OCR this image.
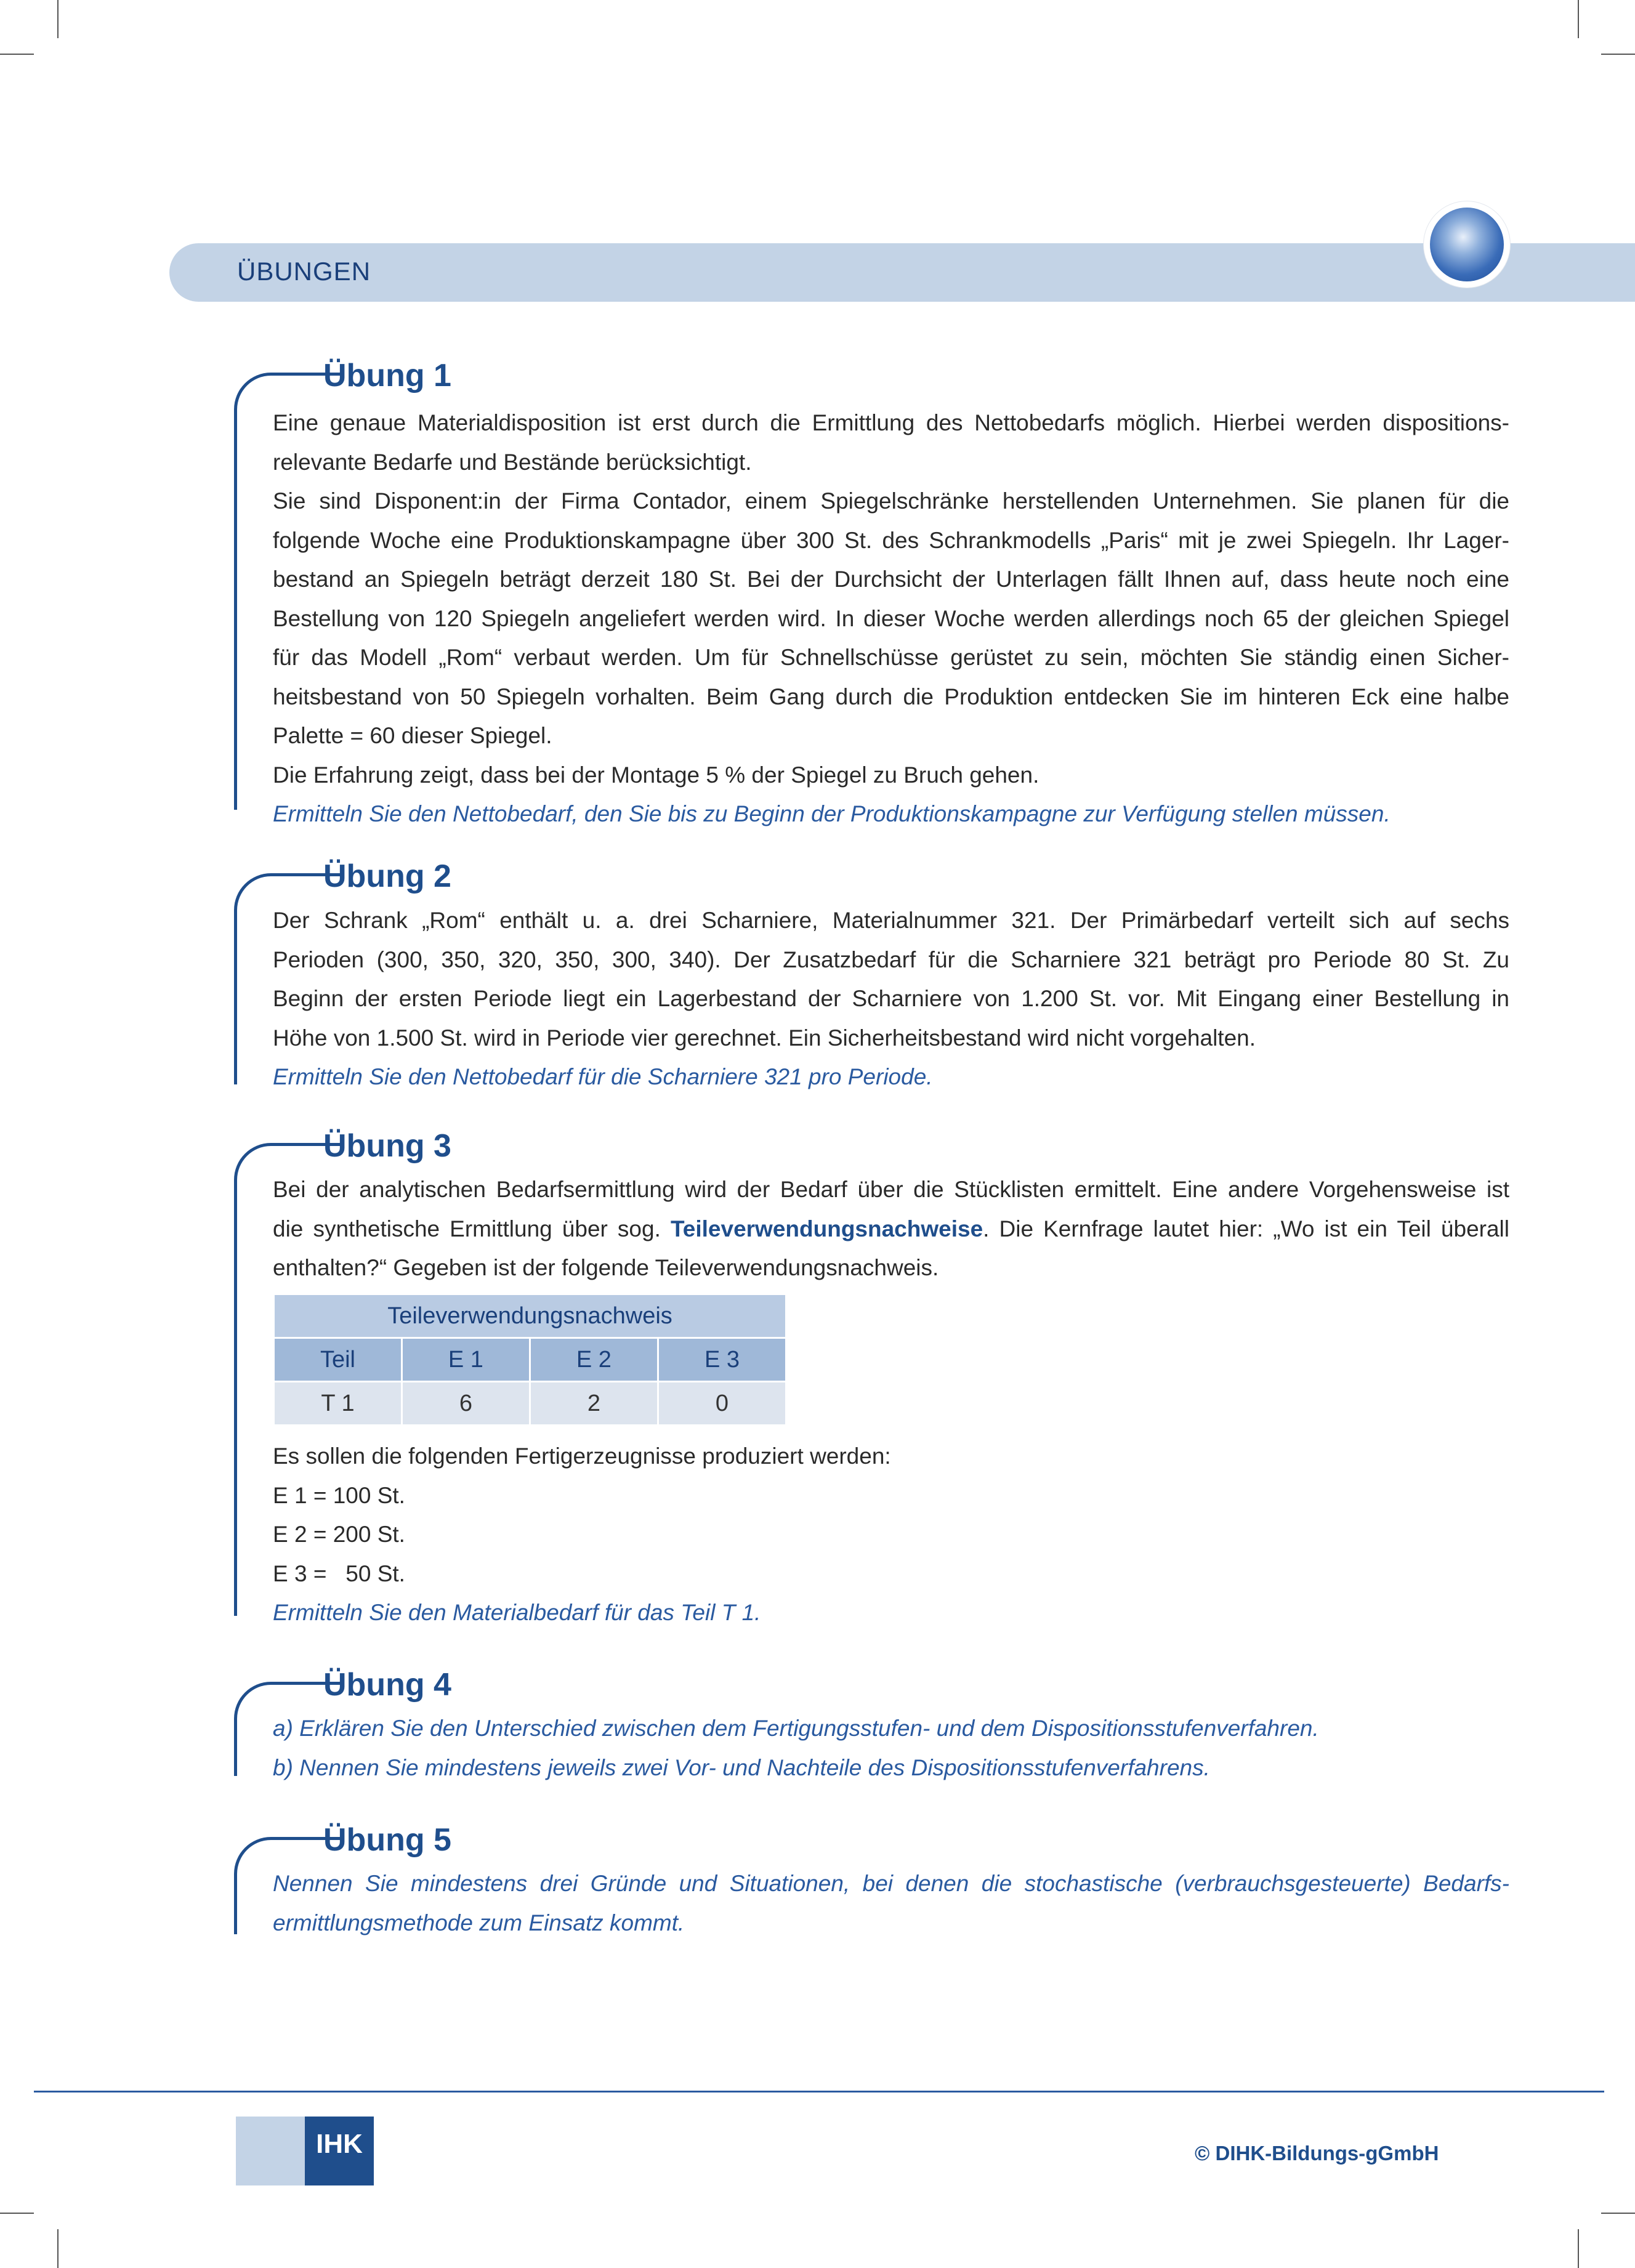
ÜBUNGEN
Übung 1
Eine genaue Materialdisposition ist erst durch die Ermittlung des Nettobedarfs möglich. Hierbei werden dispositions-
relevante Bedarfe und Bestände berücksichtigt.
Sie sind Disponent:in der Firma Contador, einem Spiegelschränke herstellenden Unternehmen. Sie planen für die
folgende Woche eine Produktionskampagne über 300 St. des Schrankmodells „Paris“ mit je zwei Spiegeln. Ihr Lager-
bestand an Spiegeln beträgt derzeit 180 St. Bei der Durchsicht der Unterlagen fällt Ihnen auf, dass heute noch eine
Bestellung von 120 Spiegeln angeliefert werden wird. In dieser Woche werden allerdings noch 65 der gleichen Spiegel
für das Modell „Rom“ verbaut werden. Um für Schnellschüsse gerüstet zu sein, möchten Sie ständig einen Sicher-
heitsbestand von 50 Spiegeln vorhalten. Beim Gang durch die Produktion entdecken Sie im hinteren Eck eine halbe
Palette = 60 dieser Spiegel.
Die Erfahrung zeigt, dass bei der Montage 5 % der Spiegel zu Bruch gehen.
Ermitteln Sie den Nettobedarf, den Sie bis zu Beginn der Produktionskampagne zur Verfügung stellen müssen.
Übung 2
Der Schrank „Rom“ enthält u. a. drei Scharniere, Materialnummer 321. Der Primärbedarf verteilt sich auf sechs
Perioden (300, 350, 320, 350, 300, 340). Der Zusatzbedarf für die Scharniere 321 beträgt pro Periode 80 St. Zu
Beginn der ersten Periode liegt ein Lagerbestand der Scharniere von 1.200 St. vor. Mit Eingang einer Bestellung in
Höhe von 1.500 St. wird in Periode vier gerechnet. Ein Sicherheitsbestand wird nicht vorgehalten.
Ermitteln Sie den Nettobedarf für die Scharniere 321 pro Periode.
Übung 3
Bei der analytischen Bedarfsermittlung wird der Bedarf über die Stücklisten ermittelt. Eine andere Vorgehensweise ist
die synthetische Ermittlung über sog. Teileverwendungsnachweise. Die Kernfrage lautet hier: „Wo ist ein Teil überall
enthalten?“ Gegeben ist der folgende Teileverwendungsnachweis.
Teileverwendungsnachweis			
Teil	E 1	E 2	E 3
T 1	6	2	0
Es sollen die folgenden Fertigerzeugnisse produziert werden:
E 1 = 100 St.
E 2 = 200 St.
E 3 =   50 St.
Ermitteln Sie den Materialbedarf für das Teil T 1.
Übung 4
a) Erklären Sie den Unterschied zwischen dem Fertigungsstufen- und dem Dispositionsstufenverfahren.
b) Nennen Sie mindestens jeweils zwei Vor- und Nachteile des Dispositionsstufenverfahrens.
Übung 5
Nennen Sie mindestens drei Gründe und Situationen, bei denen die stochastische (verbrauchsgesteuerte) Bedarfs-
ermittlungsmethode zum Einsatz kommt.
IHK	© DIHK-Bildungs-gGmbH
